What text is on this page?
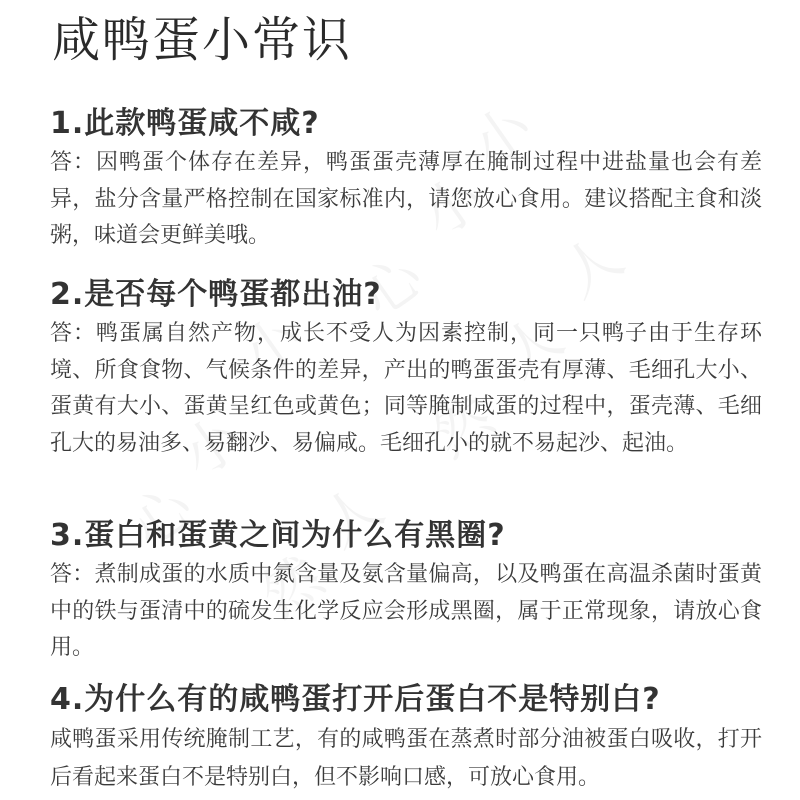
咸鸭蛋小常识
1.此款鸭蛋咸不咸?
答：因鸭蛋个体存在差异，鸭蛋蛋壳薄厚在腌制过程中进盐量也会有差异，盐分含量严格控制在国家标准内，请您放心食用。建议搭配主食和淡粥，味道会更鲜美哦。
2.是否每个鸭蛋都出油?
答：鸭蛋属自然产物，成长不受人为因素控制，同一只鸭子由于生存环境、所食食物、气候条件的差异，产出的鸭蛋蛋壳有厚薄、毛细孔大小、蛋黄有大小、蛋黄呈红色或黄色；同等腌制咸蛋的过程中，蛋壳薄、毛细孔大的易油多、易翻沙、易偏咸。毛细孔小的就不易起沙、起油。
3.蛋白和蛋黄之间为什么有黑圈?
答：煮制成蛋的水质中氮含量及氨含量偏高，以及鸭蛋在高温杀菌时蛋黄中的铁与蛋清中的硫发生化学反应会形成黑圈，属于正常现象，请放心食用。
4.为什么有的咸鸭蛋打开后蛋白不是特别白?
咸鸭蛋采用传统腌制工艺，有的咸鸭蛋在蒸煮时部分油被蛋白吸收，打开后看起来蛋白不是特别白，但不影响口感，可放心食用。
